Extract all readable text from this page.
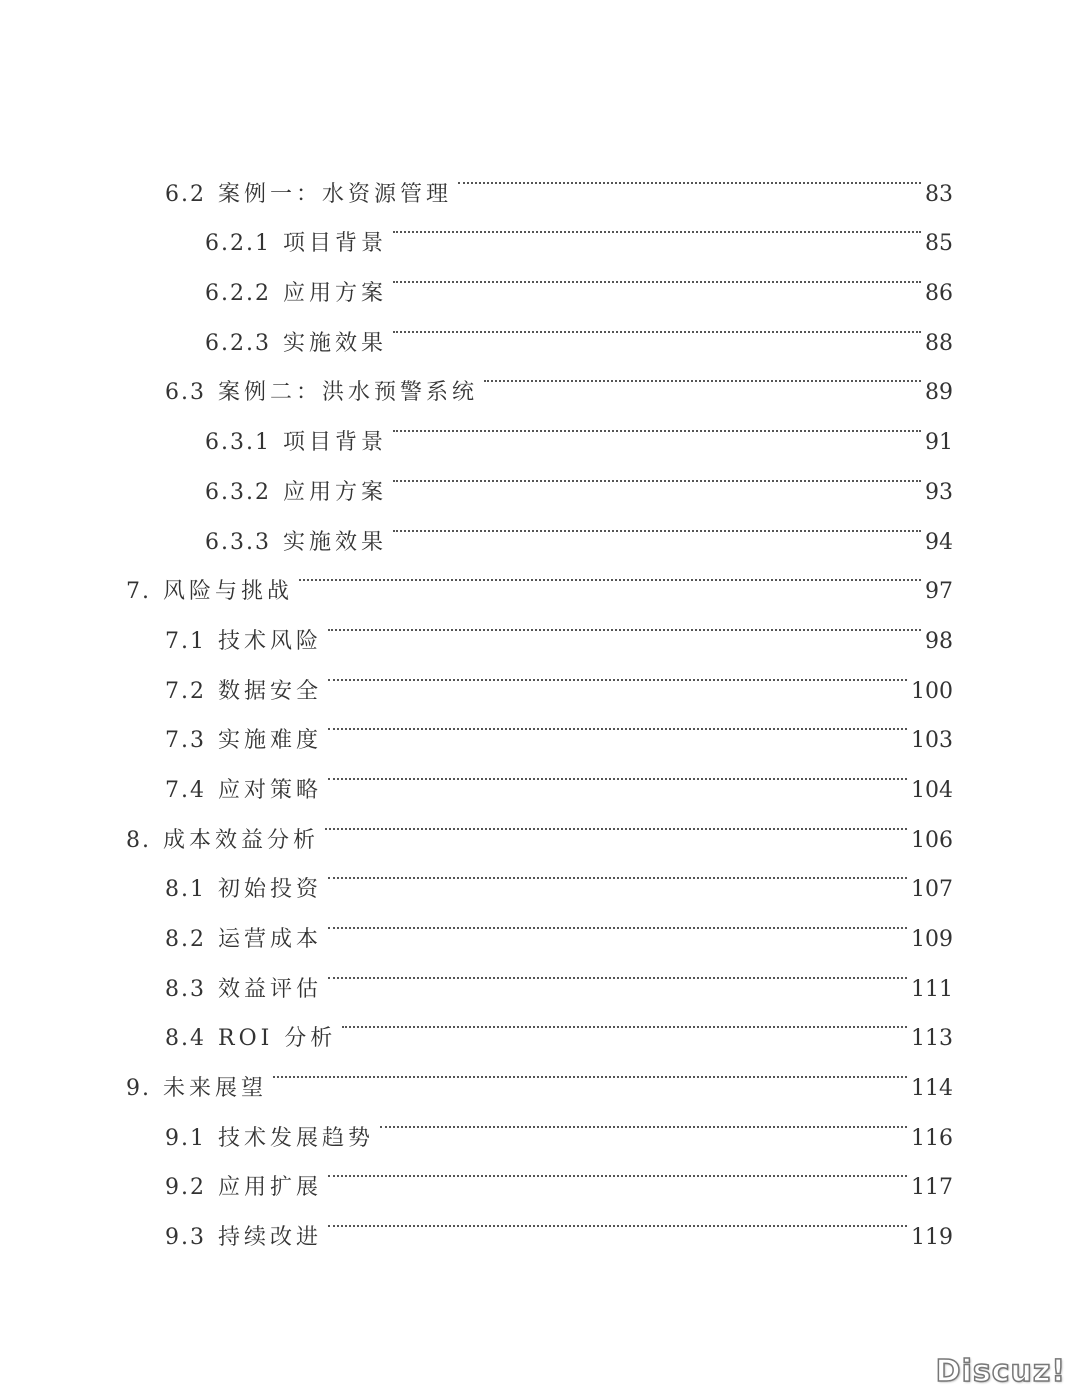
6.2 案例一：水资源管理	83
6.2.1 项目背景	85
6.2.2 应用方案	86
6.2.3 实施效果	88
6.3 案例二：洪水预警系统	89
6.3.1 项目背景	91
6.3.2 应用方案	93
6.3.3 实施效果	94
7. 风险与挑战	97
7.1 技术风险	98
7.2 数据安全	100
7.3 实施难度	103
7.4 应对策略	104
8. 成本效益分析	106
8.1 初始投资	107
8.2 运营成本	109
8.3 效益评估	111
8.4 ROI 分析	113
9. 未来展望	114
9.1 技术发展趋势	116
9.2 应用扩展	117
9.3 持续改进	119
Discuz!
